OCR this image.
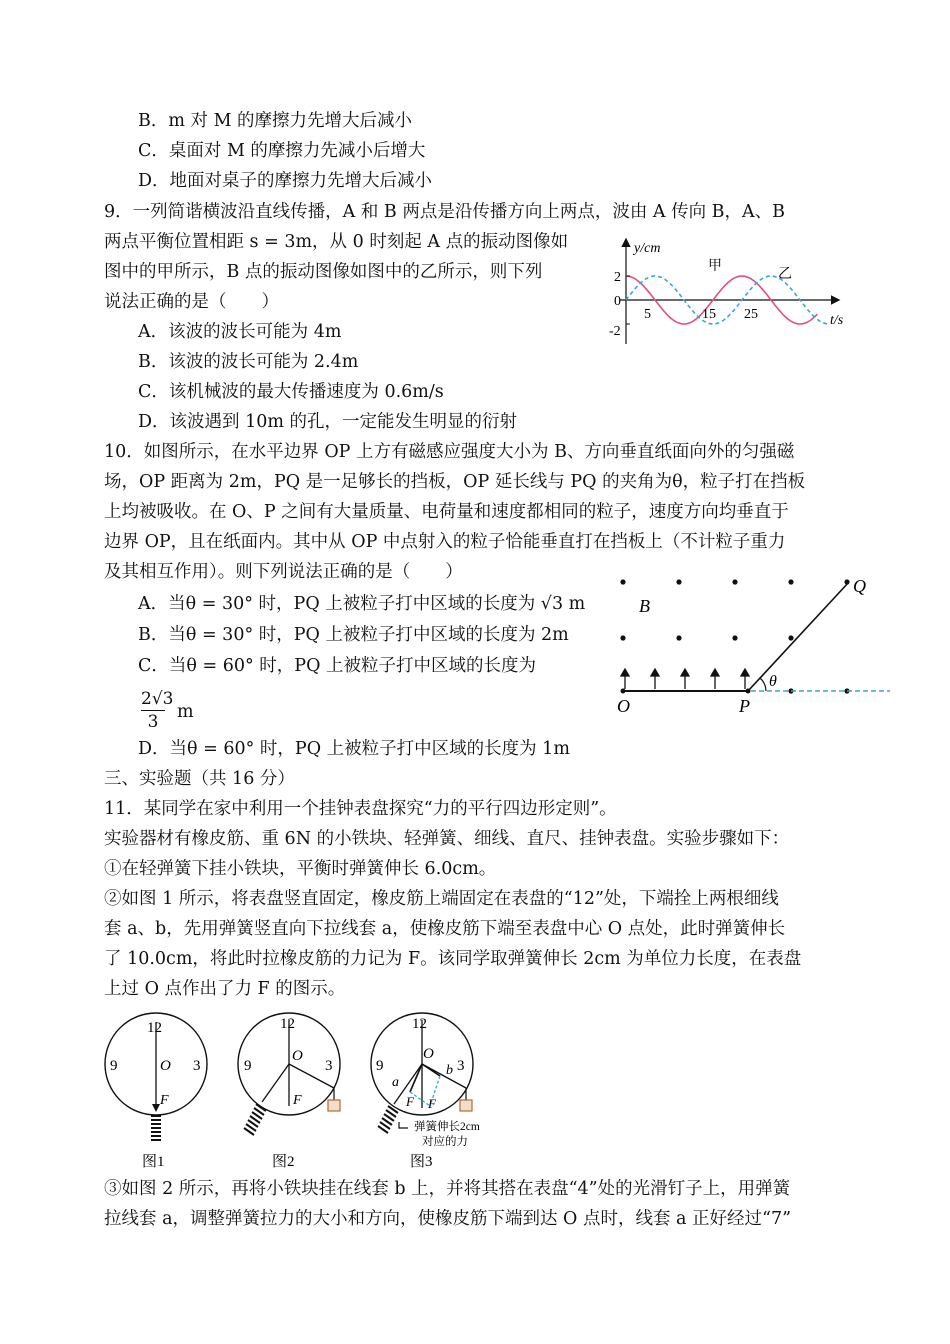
B．m 对 M 的摩擦力先增大后减小
C．桌面对 M 的摩擦力先减小后增大
D．地面对桌子的摩擦力先增大后减小
9．一列简谐横波沿直线传播，A 和 B 两点是沿传播方向上两点，波由 A 传向 B，A、B
两点平衡位置相距 s = 3m，从 0 时刻起 A 点的振动图像如
图中的甲所示，B 点的振动图像如图中的乙所示，则下列
说法正确的是（　　）
A．该波的波长可能为 4m
B．该波的波长可能为 2.4m
C．该机械波的最大传播速度为 0.6m/s
D．该波遇到 10m 的孔，一定能发生明显的衍射
y/cm
t/s
2
0
-2
5	15 25
甲
乙
10．如图所示，在水平边界 OP 上方有磁感应强度大小为 B、方向垂直纸面向外的匀强磁
场，OP 距离为 2m，PQ 是一足够长的挡板，OP 延长线与 PQ 的夹角为θ，粒子打在挡板
上均被吸收。在 O、P 之间有大量质量、电荷量和速度都相同的粒子，速度方向均垂直于
边界 OP，且在纸面内。其中从 OP 中点射入的粒子恰能垂直打在挡板上（不计粒子重力
及其相互作用）。则下列说法正确的是（　　）
A．当θ = 30° 时，PQ 上被粒子打中区域的长度为 √3 m
B．当θ = 30° 时，PQ 上被粒子打中区域的长度为 2m
C．当θ = 60° 时，PQ 上被粒子打中区域的长度为
$\frac{2√3}{3}$ m
D．当θ = 60° 时，PQ 上被粒子打中区域的长度为 1m
B
O	P
Q
θ
三、实验题（共 16 分）
11．某同学在家中利用一个挂钟表盘探究“力的平行四边形定则”。
实验器材有橡皮筋、重 6N 的小铁块、轻弹簧、细线、直尺、挂钟表盘。实验步骤如下：
①在轻弹簧下挂小铁块，平衡时弹簧伸长 6.0cm。
②如图 1 所示，将表盘竖直固定，橡皮筋上端固定在表盘的“12”处，下端拴上两根细线
套 a、b，先用弹簧竖直向下拉线套 a，使橡皮筋下端至表盘中心 O 点处，此时弹簧伸长
了 10.0cm，将此时拉橡皮筋的力记为 F。该同学取弹簧伸长 2cm 为单位力长度，在表盘
上过 O 点作出了力 F 的图示。
12
9	3
O
F
图1
12
9	3
O
F
图2
12
9	3
O
a
b
F F
弹簧伸长2cm
对应的力
图3
③如图 2 所示，再将小铁块挂在线套 b 上，并将其搭在表盘“4”处的光滑钉子上，用弹簧
拉线套 a，调整弹簧拉力的大小和方向，使橡皮筋下端到达 O 点时，线套 a 正好经过“7”
